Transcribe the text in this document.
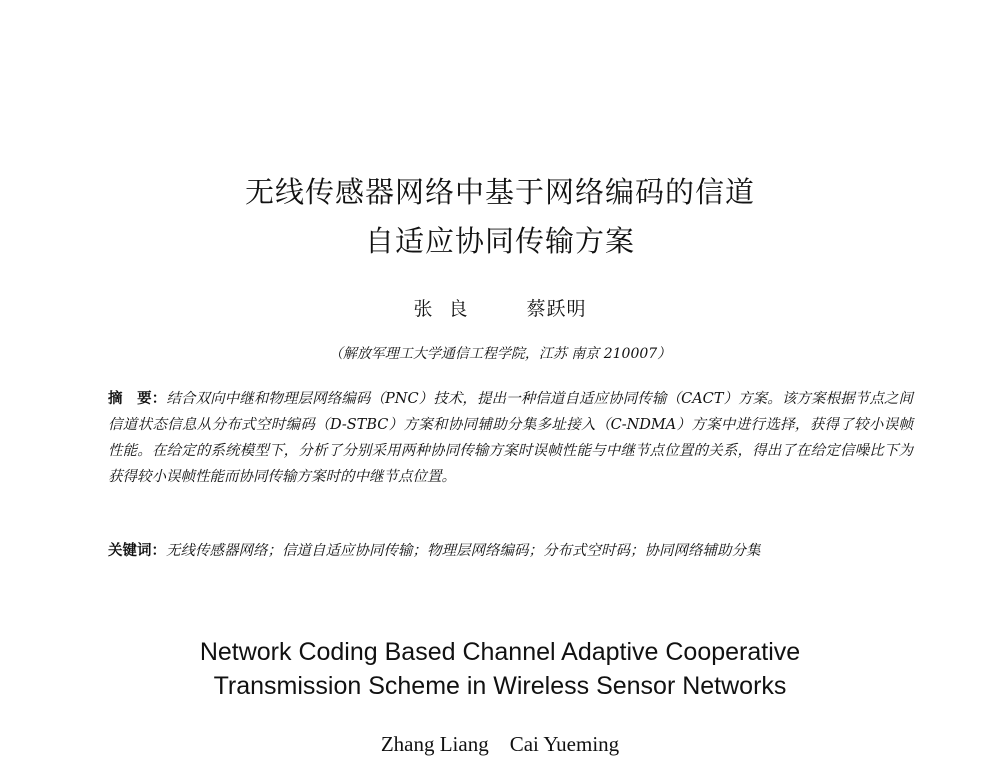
无线传感器网络中基于网络编码的信道
自适应协同传输方案
张良 蔡跃明
（解放军理工大学通信工程学院，江苏 南京 210007）
摘　要：结合双向中继和物理层网络编码（PNC）技术，提出一种信道自适应协同传输（CACT）方案。该方案根据节点之间信道状态信息从分布式空时编码（D-STBC）方案和协同辅助分集多址接入（C-NDMA）方案中进行选择，获得了较小误帧性能。在给定的系统模型下，分析了分别采用两种协同传输方案时误帧性能与中继节点位置的关系，得出了在给定信噪比下为获得较小误帧性能而协同传输方案时的中继节点位置。
关键词：无线传感器网络；信道自适应协同传输；物理层网络编码；分布式空时码；协同网络辅助分集
Network Coding Based Channel Adaptive Cooperative
Transmission Scheme in Wireless Sensor Networks
Zhang Liang　Cai Yueming
